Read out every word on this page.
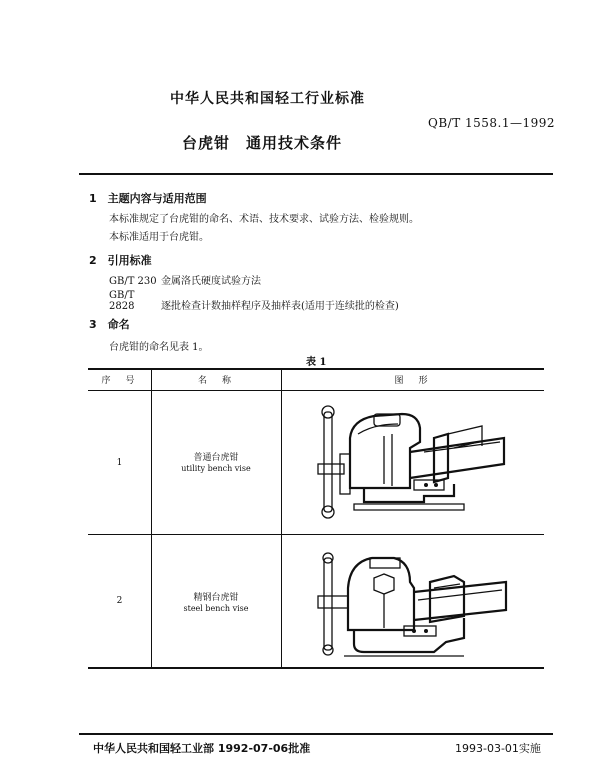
中华人民共和国轻工行业标准
QB/T 1558.1—1992
台虎钳　通用技术条件
1　主题内容与适用范围
本标准规定了台虎钳的命名、术语、技术要求、试验方法、检验规则。
本标准适用于台虎钳。
2　引用标准
GB/T 230 金属洛氏硬度试验方法
GB/T 2828	逐批检查计数抽样程序及抽样表(适用于连续批的检查)
3　命名
台虎钳的命名见表 1。
表 1
序　号	名　称	图　形
1	普通台虎钳
utility bench vise
2	精钢台虎钳
steel bench vise
中华人民共和国轻工业部 1992-07-06批准	1993-03-01实施
